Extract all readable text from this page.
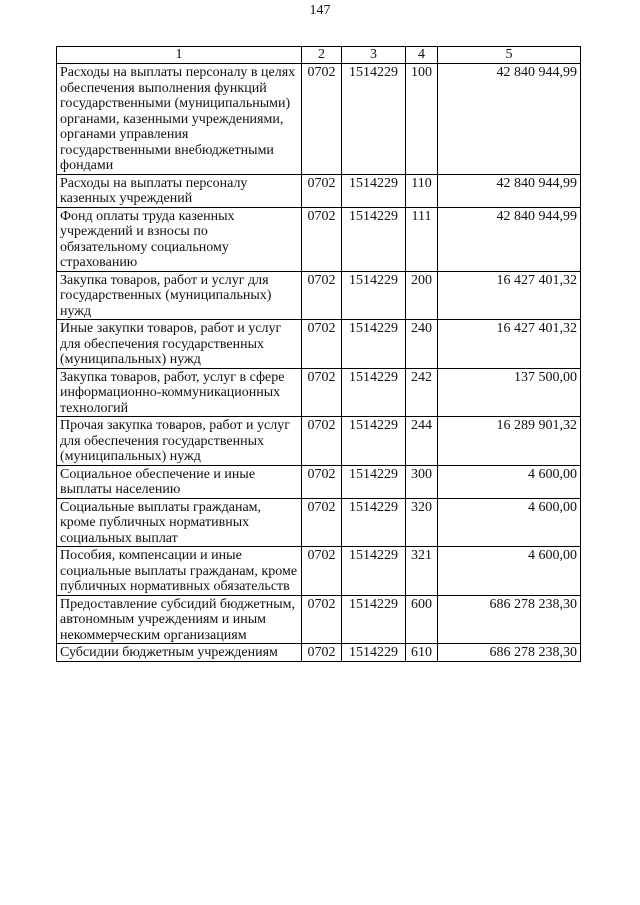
147
1	2	3	4	5
Расходы на выплаты персоналу в целях обеспечения выполнения функций государственными (муниципальными) органами, казенными учреждениями, органами управления государственными внебюджетными фондами	0702	1514229	100	42 840 944,99
Расходы на выплаты персоналу казенных учреждений	0702	1514229	110	42 840 944,99
Фонд оплаты труда казенных учреждений и взносы по обязательному социальному страхованию	0702	1514229	111	42 840 944,99
Закупка товаров, работ и услуг для государственных (муниципальных) нужд	0702	1514229	200	16 427 401,32
Иные закупки товаров, работ и услуг для обеспечения государственных (муниципальных) нужд	0702	1514229	240	16 427 401,32
Закупка товаров, работ, услуг в сфере информационно-коммуникационных технологий	0702	1514229	242	137 500,00
Прочая закупка товаров, работ и услуг для обеспечения государственных (муниципальных) нужд	0702	1514229	244	16 289 901,32
Социальное обеспечение и иные выплаты населению	0702	1514229	300	4 600,00
Социальные выплаты гражданам, кроме публичных нормативных социальных выплат	0702	1514229	320	4 600,00
Пособия, компенсации и иные социальные выплаты гражданам, кроме публичных нормативных обязательств	0702	1514229	321	4 600,00
Предоставление субсидий бюджетным, автономным учреждениям и иным некоммерческим организациям	0702	1514229	600	686 278 238,30
Субсидии бюджетным учреждениям	0702	1514229	610	686 278 238,30
